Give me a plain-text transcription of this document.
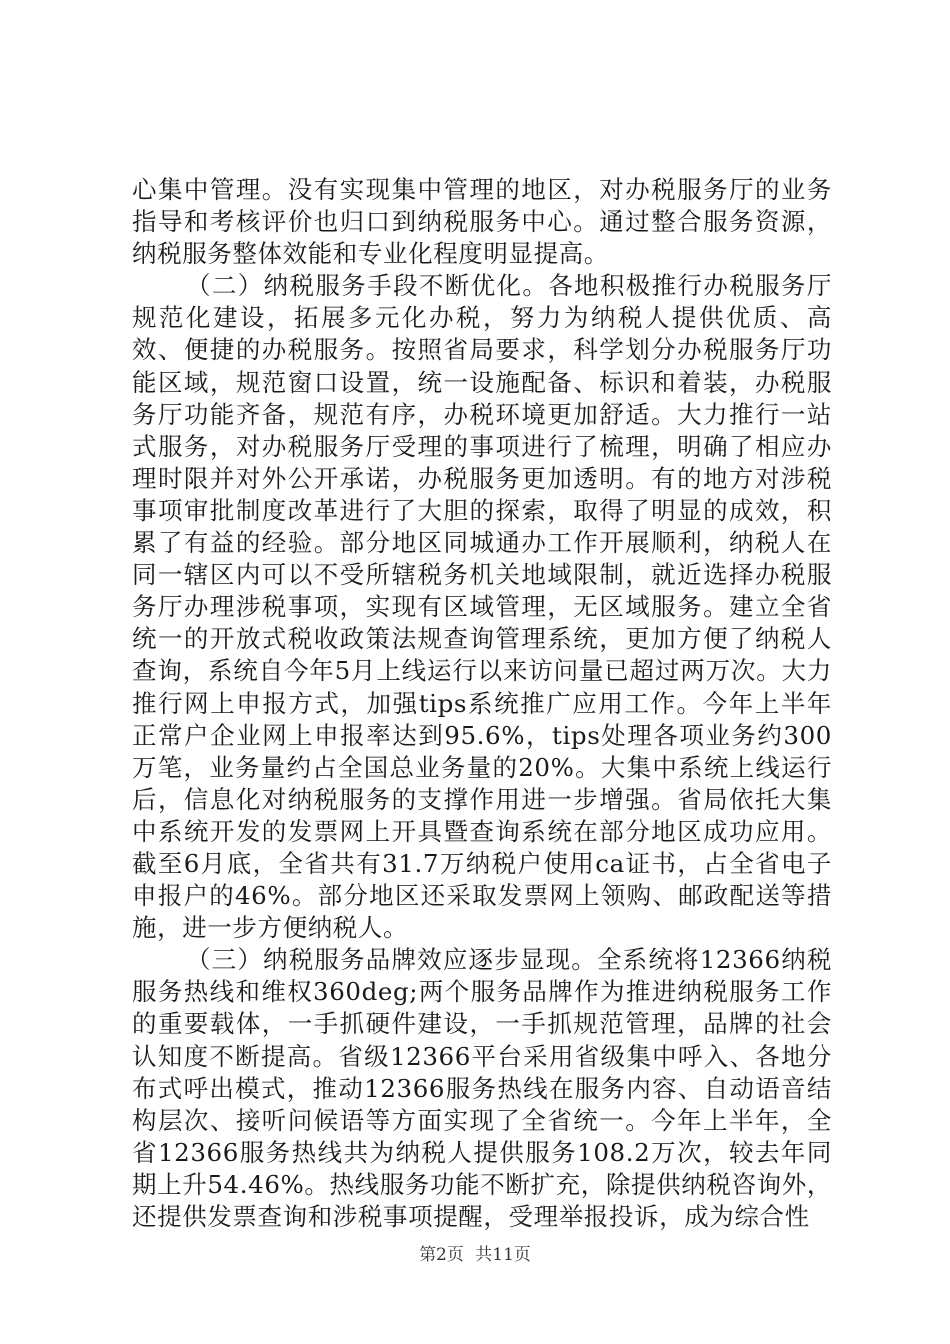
心集中管理。没有实现集中管理的地区，对办税服务厅的业务指导和考核评价也归口到纳税服务中心。通过整合服务资源，纳税服务整体效能和专业化程度明显提高。

（二）纳税服务手段不断优化。各地积极推行办税服务厅规范化建设，拓展多元化办税，努力为纳税人提供优质、高效、便捷的办税服务。按照省局要求，科学划分办税服务厅功能区域，规范窗口设置，统一设施配备、标识和着装，办税服务厅功能齐备，规范有序，办税环境更加舒适。大力推行一站式服务，对办税服务厅受理的事项进行了梳理，明确了相应办理时限并对外公开承诺，办税服务更加透明。有的地方对涉税事项审批制度改革进行了大胆的探索，取得了明显的成效，积累了有益的经验。部分地区同城通办工作开展顺利，纳税人在同一辖区内可以不受所辖税务机关地域限制，就近选择办税服务厅办理涉税事项，实现有区域管理，无区域服务。建立全省统一的开放式税收政策法规查询管理系统，更加方便了纳税人查询，系统自今年5月上线运行以来访问量已超过两万次。大力推行网上申报方式，加强tips系统推广应用工作。今年上半年正常户企业网上申报率达到95.6%，tips处理各项业务约300万笔，业务量约占全国总业务量的20%。大集中系统上线运行后，信息化对纳税服务的支撑作用进一步增强。省局依托大集中系统开发的发票网上开具暨查询系统在部分地区成功应用。截至6月底，全省共有31.7万纳税户使用ca证书，占全省电子申报户的46%。部分地区还采取发票网上领购、邮政配送等措施，进一步方便纳税人。

（三）纳税服务品牌效应逐步显现。全系统将12366纳税服务热线和维权360deg;两个服务品牌作为推进纳税服务工作的重要载体，一手抓硬件建设，一手抓规范管理，品牌的社会认知度不断提高。省级12366平台采用省级集中呼入、各地分布式呼出模式，推动12366服务热线在服务内容、自动语音结构层次、接听问候语等方面实现了全省统一。今年上半年，全省12366服务热线共为纳税人提供服务108.2万次，较去年同期上升54.46%。热线服务功能不断扩充，除提供纳税咨询外，还提供发票查询和涉税事项提醒，受理举报投诉，成为综合性

第2页 共11页
